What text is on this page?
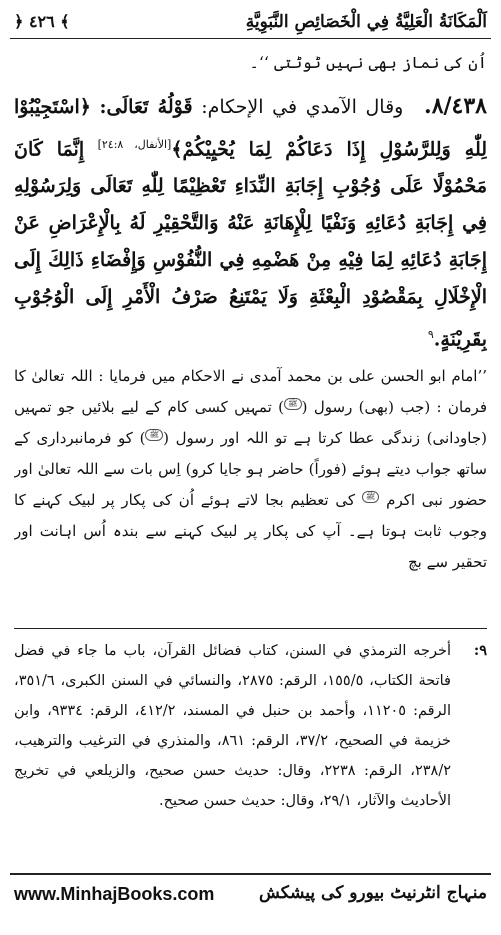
اَلْمَكَانَةُ الْعَلِيَّةُ فِي الْخَصَائِصِ النَّبَوِيَّةِ
﴾ ٤٢٦ ﴿

اُن کی نماز بھی نہیں ٹوٹتی ‘‘۔

٨/٤٣٨. وقال الآمدي في الإحكام: قَوْلُهُ تَعَالَى: ﴿اسْتَجِيْبُوْا لِلّٰهِ وَلِلرَّسُوْلِ إِذَا دَعَاكُمْ لِمَا يُحْيِيْكُمْ﴾[الأنفال، ٢٤:٨] إِنَّمَا كَانَ مَحْمُوْلًا عَلَى وُجُوْبِ إِجَابَةِ النِّدَاءِ تَعْظِيْمًا لِلّٰهِ تَعَالَى وَلِرَسُوْلِهِ فِي إِجَابَةِ دُعَائِهِ وَنَفْيًا لِلْإِهَانَةِ عَنْهُ وَالتَّحْقِيْرِ لَهُ بِالْإِعْرَاضِ عَنْ إِجَابَةِ دُعَائِهِ لِمَا فِيْهِ مِنْ هَضْمِهِ فِي النُّفُوْسِ وَإِفْضَاءِ ذَالِكَ إِلَى الْإِخْلَالِ بِمَقْصُوْدِ الْبِعْثَةِ وَلَا يَمْتَنِعُ صَرْفُ الْأَمْرِ إِلَى الْوُجُوْبِ بِقَرِيْنَةٍ.$^٩$

’’امام ابو الحسن علی بن محمد آمدی نے الاحکام میں فرمایا : اللہ تعالیٰ کا فرمان : (جب (بھی) رسول (ﷺ) تمہیں کسی کام کے لیے بلائیں جو تمہیں (جاودانی) زندگی عطا کرتا ہے تو اللہ اور رسول (ﷺ) کو فرمانبرداری کے ساتھ جواب دیتے ہوئے (فوراً) حاضر ہو جایا کرو) اِس بات سے اللہ تعالیٰ اور حضور نبی اکرم ﷺ کی تعظیم بجا لاتے ہوئے اُن کی پکار پر لبیک کہنے کا وجوب ثابت ہوتا ہے۔ آپ کی پکار پر لبیک کہنے سے بندہ اُس اہانت اور تحقیر سے بچ

٩:
أخرجه الترمذي في السنن، كتاب فضائل القرآن، باب ما جاء في فضل فاتحة الكتاب، ١٥٥/٥، الرقم: ٢٨٧٥، والنسائي في السنن الكبرى، ٣٥١/٦، الرقم: ١١٢٠٥، وأحمد بن حنبل في المسند، ٤١٢/٢، الرقم: ٩٣٣٤، وابن خزيمة في الصحيح، ٣٧/٢، الرقم: ٨٦١، والمنذري في الترغيب والترهيب، ٢٣٨/٢، الرقم: ٢٢٣٨، وقال: حديث حسن صحيح، والزيلعي في تخريج الأحاديث والآثار، ٢٩/١، وقال: حديث حسن صحيح.
www.MinhajBooks.com	منہاج انٹرنیٹ بیورو کی پیشکش
